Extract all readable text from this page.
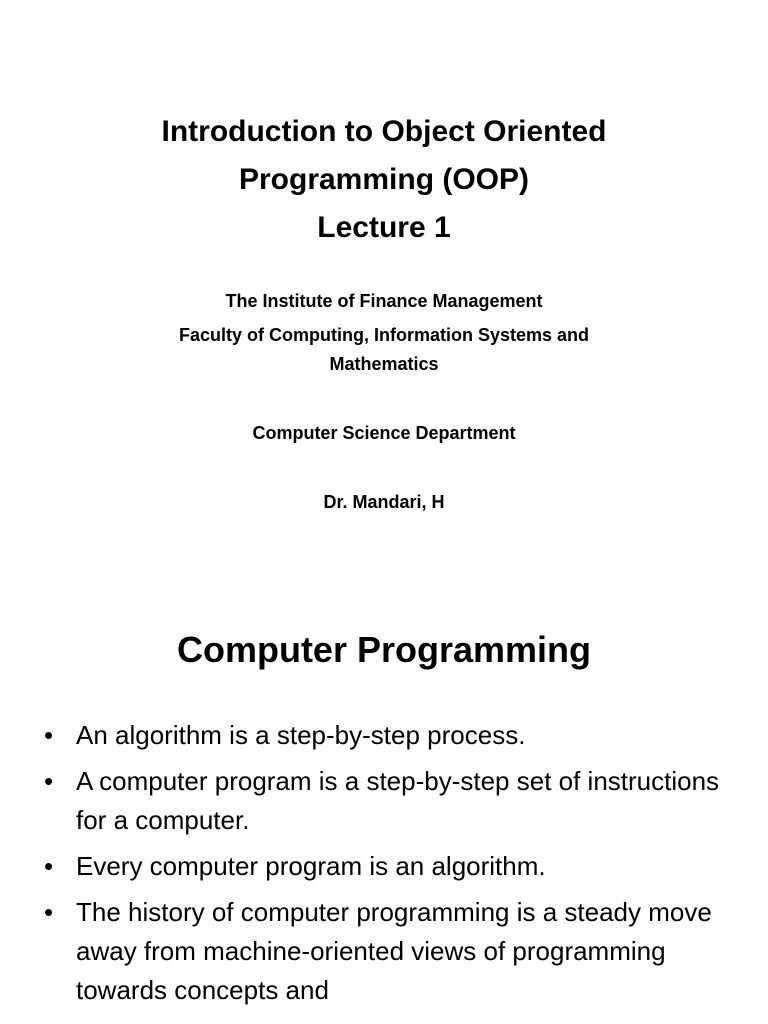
Introduction to Object Oriented
Programming (OOP)
Lecture 1
The Institute of Finance Management
Faculty of Computing, Information Systems and
Mathematics
Computer Science Department
Dr. Mandari, H
Computer Programming
• An algorithm is a step-by-step process.
• A computer program is a step-by-step set of instructions for a computer.
• Every computer program is an algorithm.
• The history of computer programming is a steady move away from machine-oriented views of programming towards concepts and
